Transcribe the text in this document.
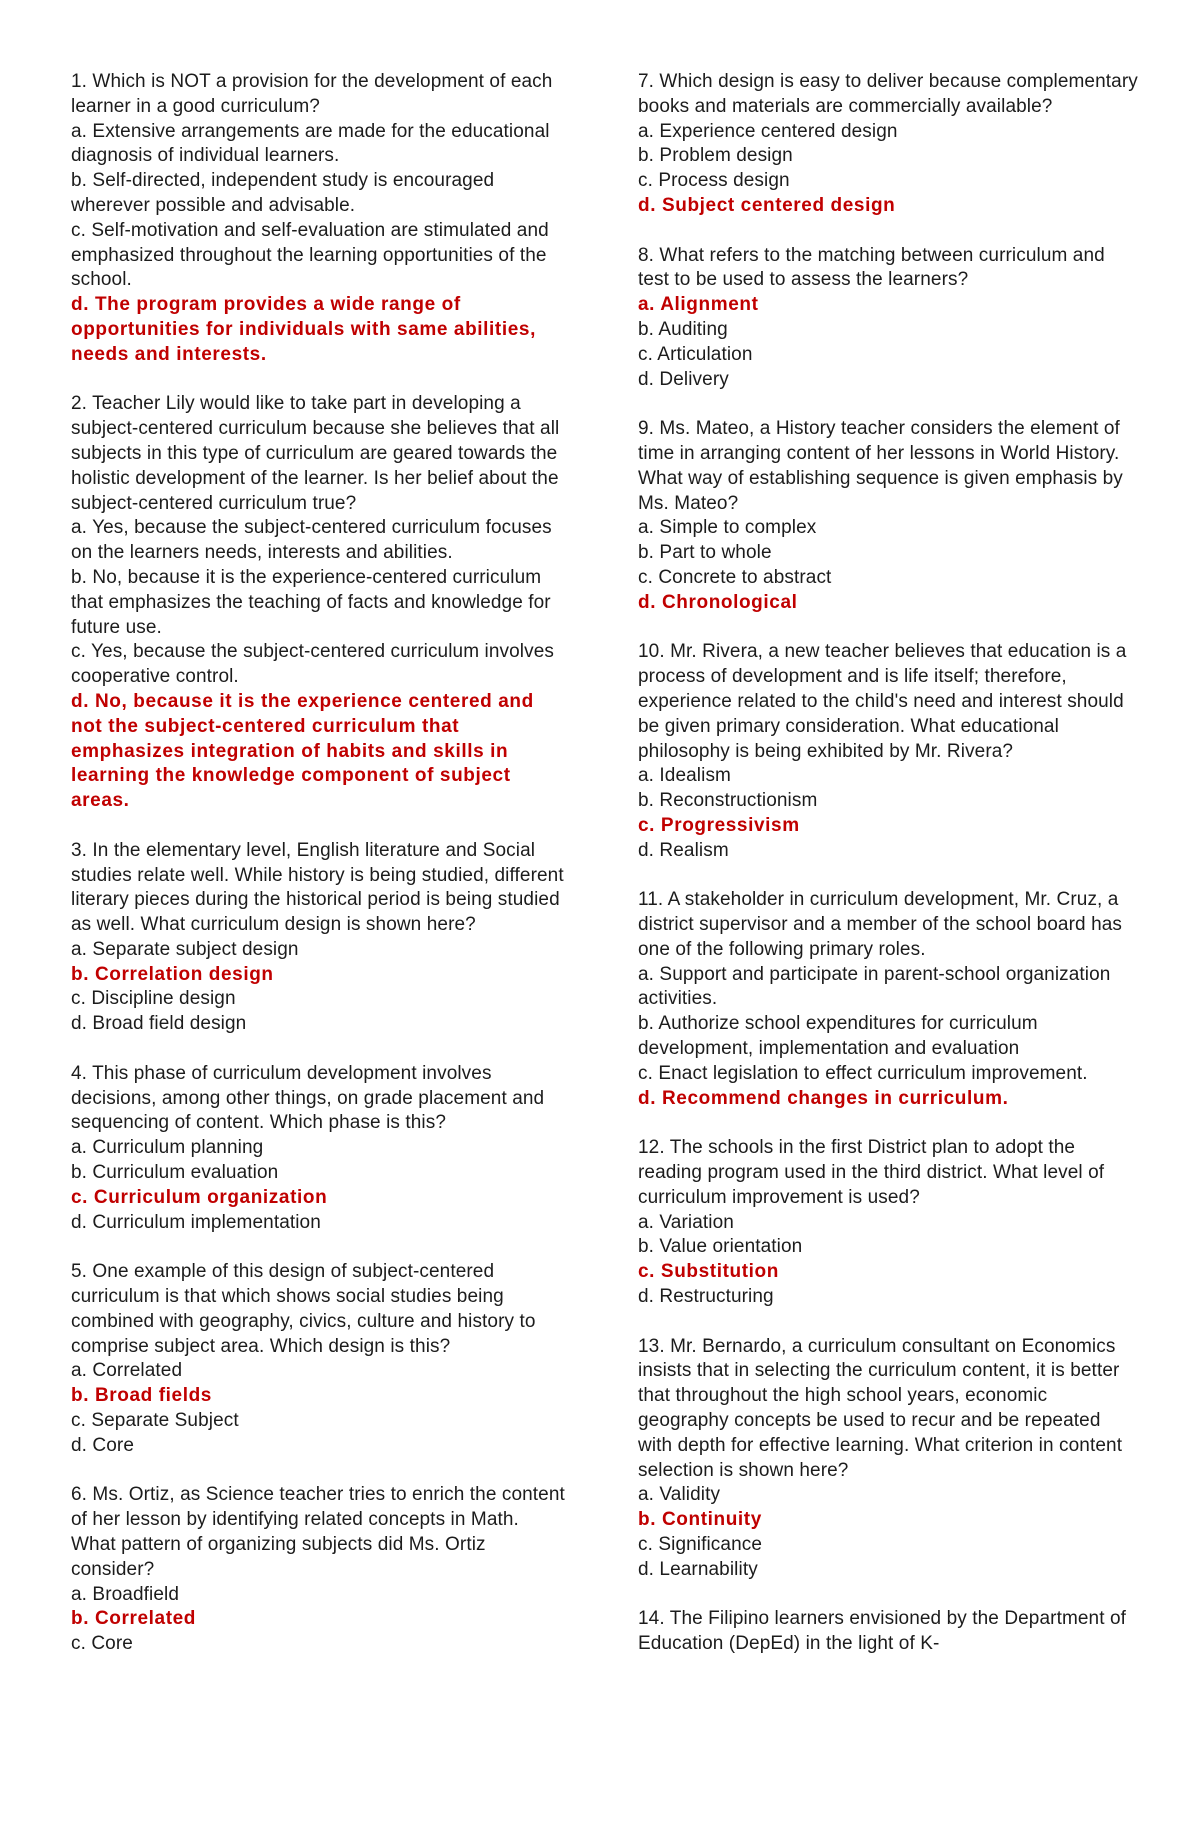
1. Which is NOT a provision for the development of each learner in a good curriculum?
a. Extensive arrangements are made for the educational diagnosis of individual learners.
b. Self-directed, independent study is encouraged wherever possible and advisable.
c. Self-motivation and self-evaluation are stimulated and emphasized throughout the learning opportunities of the school.
d. The program provides a wide range of opportunities for individuals with same abilities, needs and interests.
2. Teacher Lily would like to take part in developing a subject-centered curriculum because she believes that all subjects in this type of curriculum are geared towards the holistic development of the learner. Is her belief about the subject-centered curriculum true?
a. Yes, because the subject-centered curriculum focuses on the learners needs, interests and abilities.
b. No, because it is the experience-centered curriculum that emphasizes the teaching of facts and knowledge for future use.
c. Yes, because the subject-centered curriculum involves cooperative control.
d. No, because it is the experience centered and not the subject-centered curriculum that emphasizes integration of habits and skills in learning the knowledge component of subject areas.
3. In the elementary level, English literature and Social studies relate well. While history is being studied, different literary pieces during the historical period is being studied as well. What curriculum design is shown here?
a. Separate subject design
b. Correlation design
c. Discipline design
d. Broad field design
4. This phase of curriculum development involves decisions, among other things, on grade placement and sequencing of content. Which phase is this?
a. Curriculum planning
b. Curriculum evaluation
c. Curriculum organization
d. Curriculum implementation
5. One example of this design of subject-centered curriculum is that which shows social studies being combined with geography, civics, culture and history to comprise subject area. Which design is this?
a. Correlated
b. Broad fields
c. Separate Subject
d. Core
6. Ms. Ortiz, as Science teacher tries to enrich the content of her lesson by identifying related concepts in Math. What pattern of organizing subjects did Ms. Ortiz consider?
a. Broadfield
b. Correlated
c. Core
7. Which design is easy to deliver because complementary books and materials are commercially available?
a. Experience centered design
b. Problem design
c. Process design
d. Subject centered design
8. What refers to the matching between curriculum and test to be used to assess the learners?
a. Alignment
b. Auditing
c. Articulation
d. Delivery
9. Ms. Mateo, a History teacher considers the element of time in arranging content of her lessons in World History. What way of establishing sequence is given emphasis by Ms. Mateo?
a. Simple to complex
b. Part to whole
c. Concrete to abstract
d. Chronological
10. Mr. Rivera, a new teacher believes that education is a process of development and is life itself; therefore, experience related to the child's need and interest should be given primary consideration. What educational philosophy is being exhibited by Mr. Rivera?
a. Idealism
b. Reconstructionism
c. Progressivism
d. Realism
11. A stakeholder in curriculum development, Mr. Cruz, a district supervisor and a member of the school board has one of the following primary roles.
a. Support and participate in parent-school organization activities.
b. Authorize school expenditures for curriculum development, implementation and evaluation
c. Enact legislation to effect curriculum improvement.
d. Recommend changes in curriculum.
12. The schools in the first District plan to adopt the reading program used in the third district. What level of curriculum improvement is used?
a. Variation
b. Value orientation
c. Substitution
d. Restructuring
13. Mr. Bernardo, a curriculum consultant on Economics insists that in selecting the curriculum content, it is better that throughout the high school years, economic geography concepts be used to recur and be repeated with depth for effective learning. What criterion in content selection is shown here?
a. Validity
b. Continuity
c. Significance
d. Learnability
14. The Filipino learners envisioned by the Department of Education (DepEd) in the light of K-
